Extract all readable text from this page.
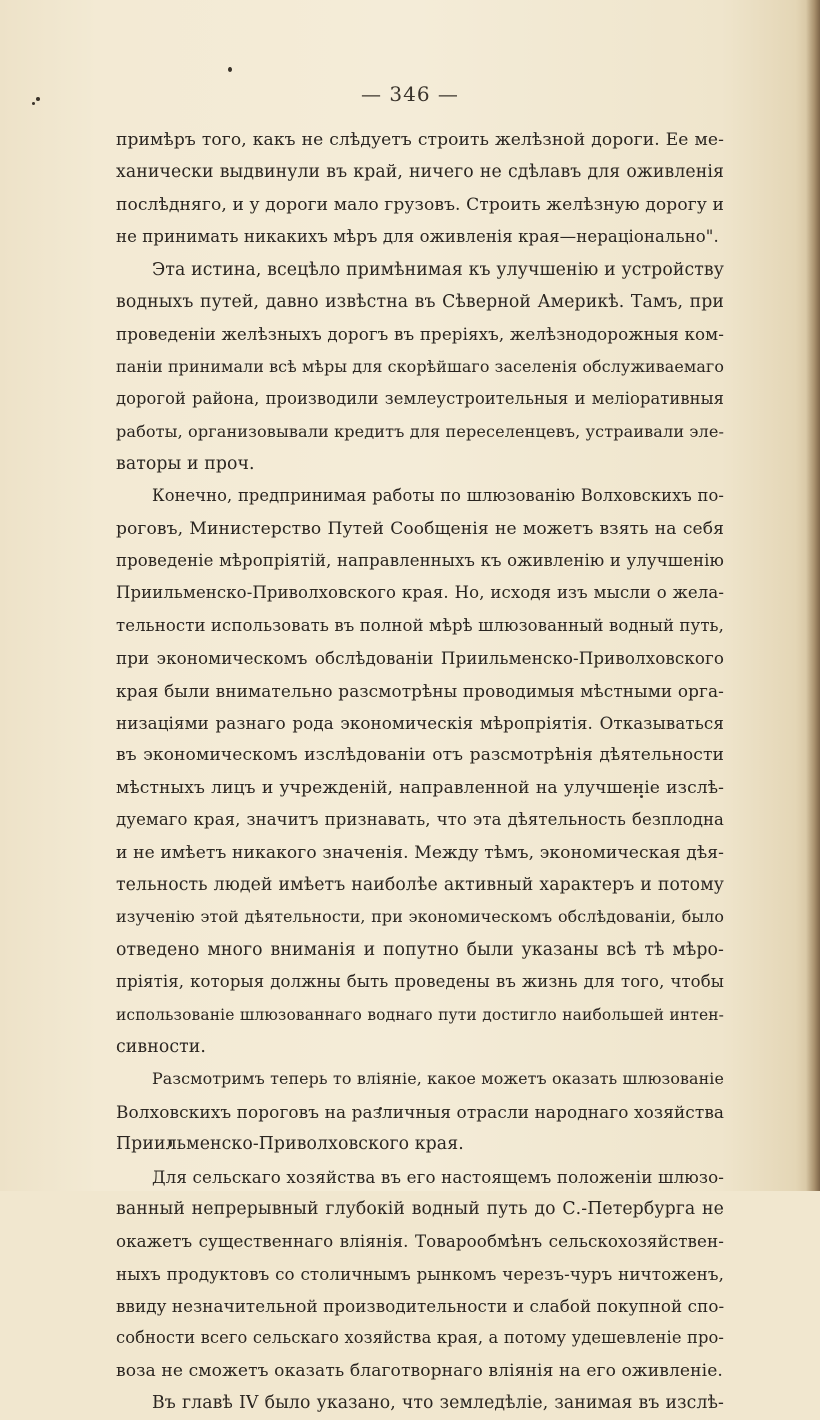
— 346 —
примѣръ того, какъ не слѣдуетъ строить желѣзной дороги. Ее ме-
ханически выдвинули въ край, ничего не сдѣлавъ для оживленія
послѣдняго, и у дороги мало грузовъ. Строить желѣзную дорогу и
не принимать никакихъ мѣръ для оживленія края—нераціонально".
Эта истина, всецѣло примѣнимая къ улучшенію и устройству
водныхъ путей, давно извѣстна въ Сѣверной Америкѣ. Тамъ, при
проведеніи желѣзныхъ дорогъ въ преріяхъ, желѣзнодорожныя ком-
паніи принимали всѣ мѣры для скорѣйшаго заселенія обслуживаемаго
дорогой района, производили землеустроительныя и меліоративныя
работы, организовывали кредитъ для переселенцевъ, устраивали эле-
ваторы и проч.
Конечно, предпринимая работы по шлюзованію Волховскихъ по-
роговъ, Министерство Путей Сообщенія не можетъ взять на себя
проведеніе мѣропріятій, направленныхъ къ оживленію и улучшенію
Приильменско-Приволховского края. Но, исходя изъ мысли о жела-
тельности использовать въ полной мѣрѣ шлюзованный водный путь,
при экономическомъ обслѣдованіи Приильменско-Приволховского
края были внимательно разсмотрѣны проводимыя мѣстными орга-
низаціями разнаго рода экономическія мѣропріятія. Отказываться
въ экономическомъ изслѣдованіи отъ разсмотрѣнія дѣятельности
мѣстныхъ лицъ и учрежденій, направленной на улучшеніе изслѣ-
дуемаго края, значитъ признавать, что эта дѣятельность безплодна
и не имѣетъ никакого значенія. Между тѣмъ, экономическая дѣя-
тельность людей имѣетъ наиболѣе активный характеръ и потому
изученію этой дѣятельности, при экономическомъ обслѣдованіи, было
отведено много вниманія и попутно были указаны всѣ тѣ мѣро-
пріятія, которыя должны быть проведены въ жизнь для того, чтобы
использованіе шлюзованнаго воднаго пути достигло наибольшей интен-
сивности.
Разсмотримъ теперь то вліяніе, какое можетъ оказать шлюзованіе
Волховскихъ пороговъ на различныя отрасли народнаго хозяйства
Приильменско-Приволховского края.
Для сельскаго хозяйства въ его настоящемъ положеніи шлюзо-
ванный непрерывный глубокій водный путь до С.-Петербурга не
окажетъ существеннаго вліянія. Товарообмѣнъ сельскохозяйствен-
ныхъ продуктовъ со столичнымъ рынкомъ черезъ-чуръ ничтоженъ,
ввиду незначительной производительности и слабой покупной спо-
собности всего сельскаго хозяйства края, а потому удешевленіе про-
воза не сможетъ оказать благотворнаго вліянія на его оживленіе.
Въ главѣ IV было указано, что земледѣліе, занимая въ изслѣ-
